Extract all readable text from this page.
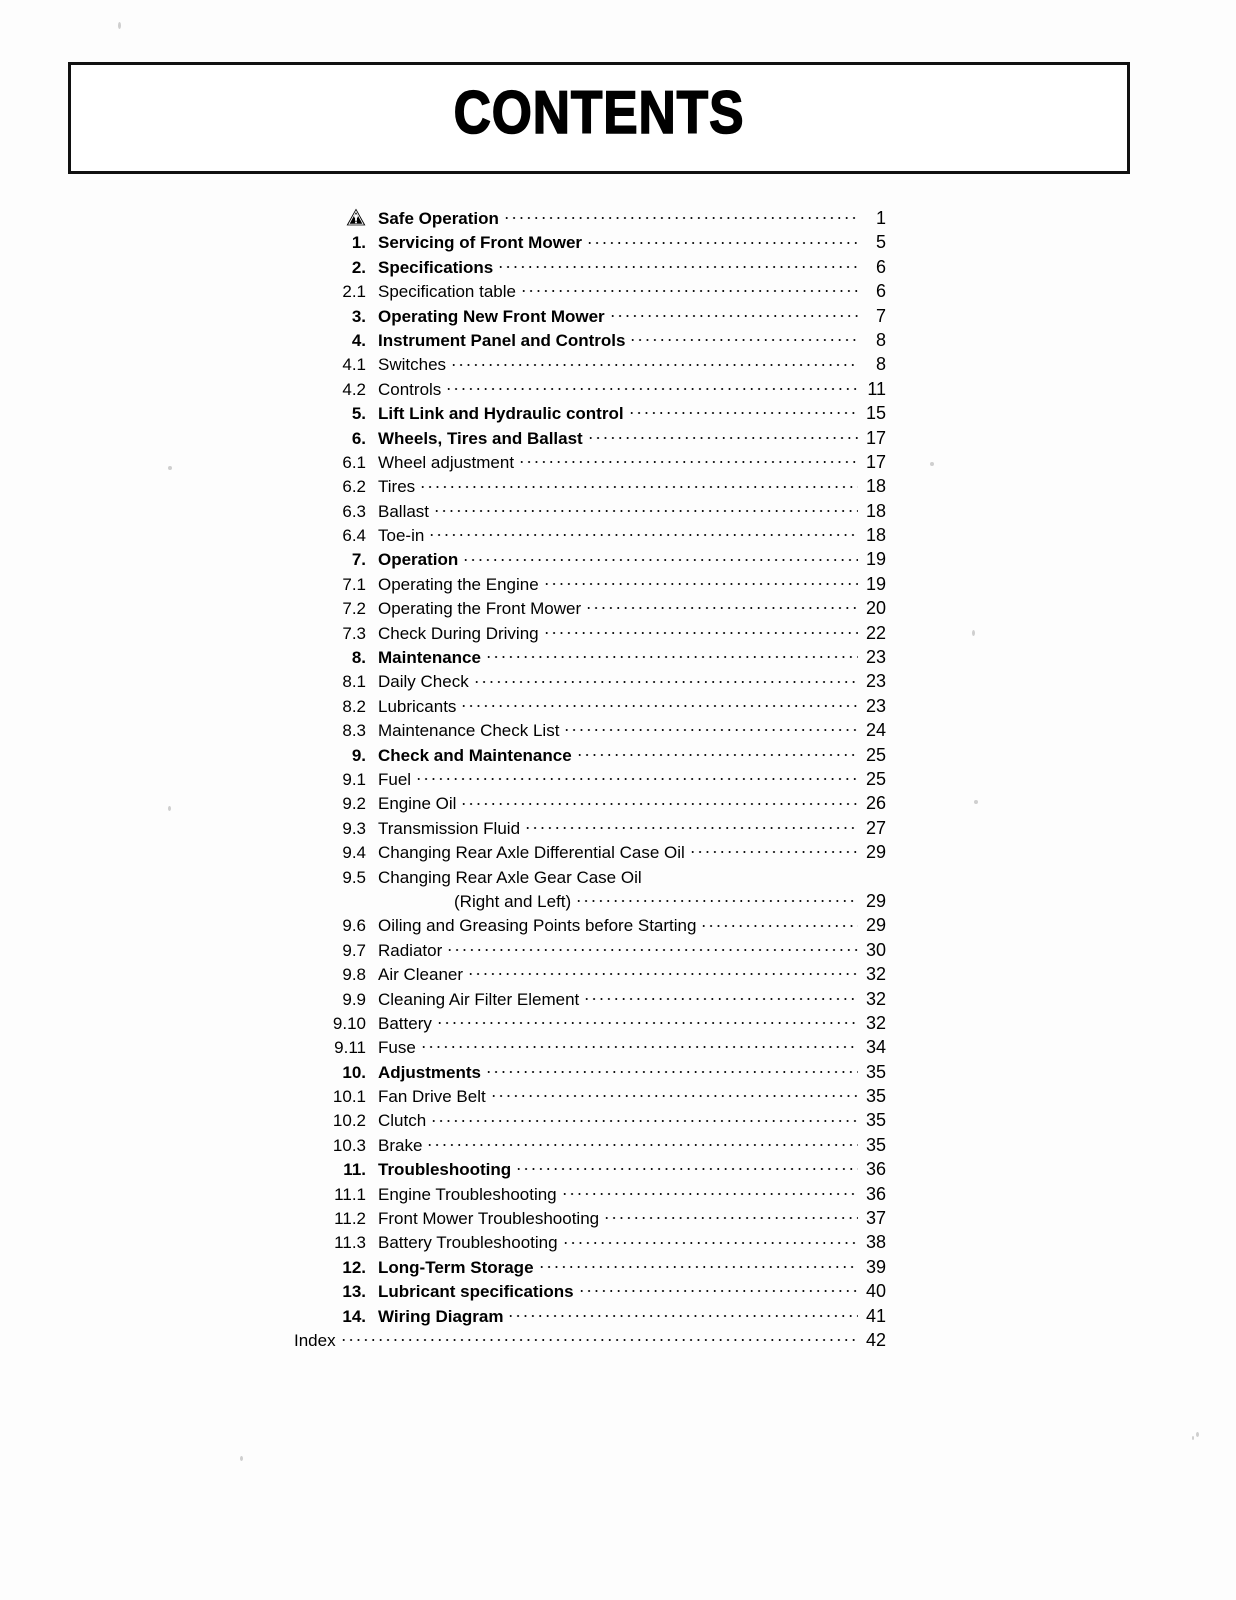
CONTENTS
Safe Operation	1
1. Servicing of Front Mower	5
2. Specifications	6
2.1 Specification table	6
3. Operating New Front Mower	7
4. Instrument Panel and Controls	8
4.1 Switches	8
4.2 Controls	11
5. Lift Link and Hydraulic control	15
6. Wheels, Tires and Ballast	17
6.1 Wheel adjustment	17
6.2 Tires	18
6.3 Ballast	18
6.4 Toe-in	18
7. Operation	19
7.1 Operating the Engine	19
7.2 Operating the Front Mower	20
7.3 Check During Driving	22
8. Maintenance	23
8.1 Daily Check	23
8.2 Lubricants	23
8.3 Maintenance Check List	24
9. Check and Maintenance	25
9.1 Fuel	25
9.2 Engine Oil	26
9.3 Transmission Fluid	27
9.4 Changing Rear Axle Differential Case Oil	29
9.5 Changing Rear Axle Gear Case Oil
(Right and Left)	29
9.6 Oiling and Greasing Points before Starting	29
9.7 Radiator	30
9.8 Air Cleaner	32
9.9 Cleaning Air Filter Element	32
9.10 Battery	32
9.11 Fuse	34
10. Adjustments	35
10.1 Fan Drive Belt	35
10.2 Clutch	35
10.3 Brake	35
11. Troubleshooting	36
11.1 Engine Troubleshooting	36
11.2 Front Mower Troubleshooting	37
11.3 Battery Troubleshooting	38
12. Long-Term Storage	39
13. Lubricant specifications	40
14. Wiring Diagram	41
Index	42
